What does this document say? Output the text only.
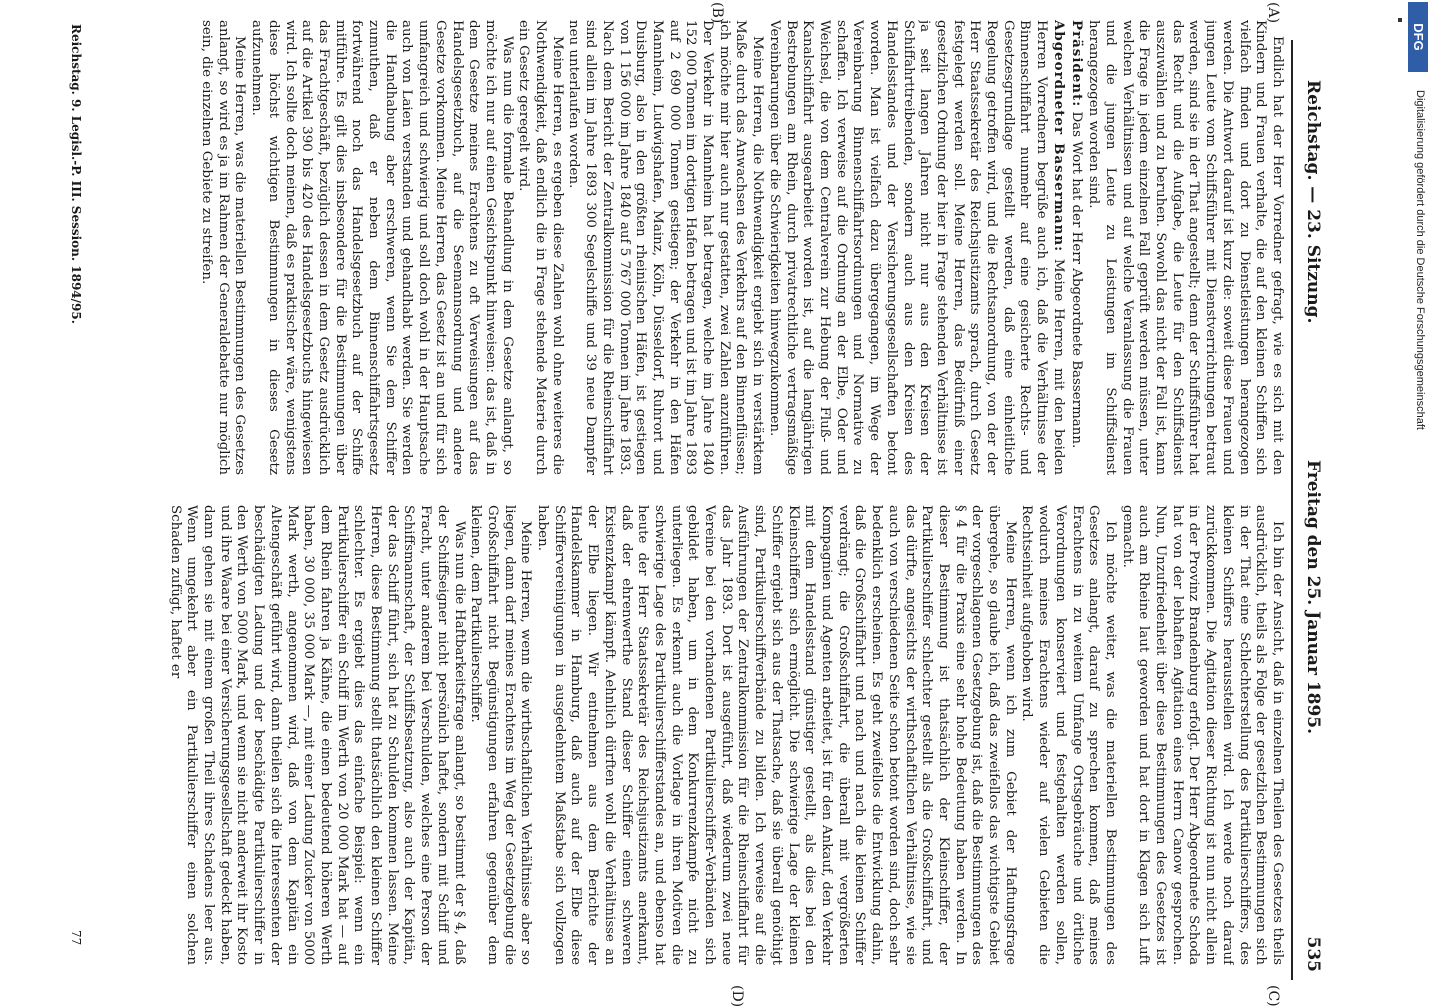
Reichstag. — 23. Sitzung.
Freitag den 25. Januar 1895.
535
(A)
(B)
(C)
(D)

Endlich hat der Herr Vorredner gefragt, wie es sich mit den Kindern und Frauen verhalte, die auf den kleinen Schiffen sich vielfach finden und dort zu Dienstleistungen herangezogen werden. Die Antwort darauf ist kurz die: soweit diese Frauen und jungen Leute vom Schiffsführer mit Dienstverrichtungen betraut werden, sind sie in der That angestellt; denn der Schiffsführer hat das Recht und die Aufgabe, die Leute für den Schiffsdienst auszuwählen und zu beruhen. Sowohl das nicht der Fall ist, kann die Frage in jedem einzelnen Fall geprüft werden müssen, unter welchen Verhältnissen und auf welche Veranlassung die Frauen und die jungen Leute zu Leistungen im Schiffsdienst herangezogen worden sind.

Präsident: Das Wort hat der Herr Abgeordnete Bassermann.

Abgeordneter Bassermann: Meine Herren, mit den beiden Herren Vorrednern begrüße auch ich, daß die Verhältnisse der Binnenschiffahrt nunmehr auf eine gesicherte Rechts- und Gesetzesgrundlage gestellt werden, daß eine einheitliche Regelung getroffen wird, und die Rechtsanordnung, von der der Herr Staatssekretär des Reichsjustizamts sprach, durch Gesetz festgelegt werden soll. Meine Herren, das Bedürfniß einer gesetzlichen Ordnung der hier in Frage stehenden Verhältnisse ist ja seit langen Jahren nicht nur aus den Kreisen der Schiffahrttreibenden, sondern auch aus den Kreisen des Handelsstandes und der Versicherungsgesellschaften betont worden. Man ist vielfach dazu übergegangen, im Wege der Vereinbarung Binnenschiffahrtsordnungen und Normative zu schaffen. Ich verweise auf die Ordnung an der Elbe, Oder und Weichsel, die von dem Centralverein zur Hebung der Fluß- und Kanalschiffahrt ausgearbeitet worden ist, auf die langjährigen Bestrebungen am Rhein, durch privatrechtliche vertragsmäßige Vereinbarungen über die Schwierigkeiten hinwegzukommen.

Meine Herren, die Nothwendigkeit ergiebt sich in verstärktem Maße durch das Anwachsen des Verkehrs auf den Binnenflüssen; ich möchte mir hier auch nur gestatten, zwei Zahlen anzuführen. Der Verkehr in Mannheim hat betragen, welche im Jahre 1840 152 000 Tonnen im dortigen Hafen betragen und ist im Jahre 1893 auf 2 690 000 Tonnen gestiegen; der Verkehr in den Häfen Mannheim, Ludwigshafen, Mainz, Köln, Düsseldorf, Ruhrort und Duisburg, also in den größten rheinischen Häfen, ist gestiegen von 1 156 000 im Jahre 1840 auf 5 767 000 Tonnen im Jahre 1893. Nach dem Bericht der Zentralkommission für die Rheinschiffahrt sind allein im Jahre 1893 300 Segelschiffe und 39 neue Dampfer neu unterlaufen worden.

Meine Herren, es ergeben diese Zahlen wohl ohne weiteres die Nothwendigkeit, daß endlich die in Frage stehende Materie durch ein Gesetz geregelt wird.

Was nun die formale Behandlung in dem Gesetze anlangt, so möchte ich nur auf einen Gesichtspunkt hinweisen: das ist, daß in dem Gesetze meines Erachtens zu oft Verweisungen auf das Handelsgesetzbuch, auf die Seemannsordnung und andere Gesetze vorkommen. Meine Herren, das Gesetz ist an und für sich umfangreich und schwierig und soll doch wohl in der Hauptsache auch von Laien verstanden und gehandhabt werden. Sie werden die Handhabung aber erschweren, wenn Sie dem Schiffer zumuthen, daß er neben dem Binnenschiffahrtsgesetz fortwährend noch das Handelsgesetzbuch auf der Schiffe mitführe. Es gilt dies insbesondere für die Bestimmungen über das Frachtgeschäft, bezüglich dessen in dem Gesetz ausdrücklich auf die Artikel 390 bis 420 des Handelsgesetzbuchs hingewiesen wird. Ich sollte doch meinen, daß es praktischer wäre, wenigstens diese höchst wichtigen Bestimmungen in dieses Gesetz aufzunehmen.

Meine Herren, was die materiellen Bestimmungen des Gesetzes anlangt, so wird es ja im Rahmen der Generaldebatte nur möglich sein, die einzelnen Gebiete zu streifen.

Ich bin der Ansicht, daß in einzelnen Theilen des Gesetzes theils ausdrücklich, theils als Folge der gesetzlichen Bestimmungen sich in der That eine Schlechterstellung des Partikulierschiffers, des kleinen Schiffers herausstellen wird. Ich werde noch darauf zurückkommen. Die Agitation dieser Richtung ist nun nicht allein in der Provinz Brandenburg erfolgt. Der Herr Abgeordnete Schoda hat von der lebhaften Agitation eines Herrn Canow gesprochen. Nun, Unzufriedenheit über diese Bestimmungen des Gesetzes ist auch am Rheine laut geworden und hat dort in Klagen sich Luft gemacht.

Ich möchte weiter, was die materiellen Bestimmungen des Gesetzes anlangt, darauf zu sprechen kommen, daß meines Erachtens in zu weitem Umfange Ortsgebräuche und örtliche Verordnungen konserviert und festgehalten werden sollen, wodurch meines Erachtens wieder auf vielen Gebieten die Rechtseinheit aufgehoben wird.

Meine Herren, wenn ich zum Gebiet der Haftungsfrage übergehe, so glaube ich, daß das zweifellos das wichtigste Gebiet der vorgeschlagenen Gesetzgebung ist, daß die Bestimmungen des § 4 für die Praxis eine sehr hohe Bedeutung haben werden. In dieser Bestimmung ist thatsächlich der Kleinschiffer, der Partikulierschiffer schlechter gestellt als die Großschiffahrt, und das dürfte, angesichts der wirthschaftlichen Verhältnisse, wie sie auch von verschiedenen Seite schon betont worden sind, doch sehr bedenklich erscheinen. Es geht zweifellos die Entwicklung dahin, daß die Großschiffahrt und nach und nach die kleinen Schiffer verdrängt; die Großschiffahrt, die überall mit vergrößerten Kompagnien und Agenten arbeitet, ist für den Ankauf, den Verkehr mit dem Handelsstand günstiger gestellt, als dies bei den Kleinschiffern sich ermöglicht. Die schwierige Lage der kleinen Schiffer ergiebt sich aus der Thatsache, daß sie überall genöthigt sind, Partikulierschiffverbände zu bilden. Ich verweise auf die Ausführungen der Zentralkommission für die Rheinschiffahrt für das Jahr 1893. Dort ist ausgeführt, daß wiederum zwei neue Vereine bei den vorhandenen Partikulierschiffer-Verbänden sich gebildet haben, um in dem Konkurrenzkampfe nicht zu unterliegen. Es erkennt auch die Vorlage in ihren Motiven die schwierige Lage des Partikulierschifferstandes an, und ebenso hat heute der Herr Staatssekretär des Reichsjustizamts anerkannt, daß der ehrenwerthe Stand dieser Schiffer einen schweren Existenzkampf kämpft. Aehnlich dürften wohl die Verhältnisse an der Elbe liegen. Wir entnehmen aus dem Berichte der Handelskammer in Hamburg, daß auch auf der Elbe diese Schiffervereinigungen in ausgedehntem Maßstabe sich vollzogen haben.

Meine Herren, wenn die wirthschaftlichen Verhältnisse aber so liegen, dann darf meines Erachtens im Weg der Gesetzgebung die Großschiffahrt nicht Begünstigungen erfahren gegenüber dem kleinen, dem Partikulierschiffer.

Was nun die Haftbarkeitsfrage anlangt, so bestimmt der § 4, daß der Schiffseigner nicht persönlich haftet, sondern mit Schiff und Fracht, unter anderem bei Verschulden, welches eine Person der Schiffsmannschaft, der Schiffsbesatzung, also auch der Kapitän, der das Schiff führt, sich hat zu Schulden kommen lassen. Meine Herren, diese Bestimmung stellt thatsächlich den kleinen Schiffer schlechter. Es ergiebt dies das einfache Beispiel: wenn ein Partikulierschiffer ein Schiff im Werth von 20 000 Mark hat — auf dem Rhein fahren ja Kähne, die einen bedeutend höheren Werth haben, 30 000, 35 000 Mark —, mit einer Ladung Zucker von 5000 Mark werth, angenommen wird, daß von dem Kapitän ein Altengeschäft geführt wird, dann theilen sich die Interessenten der beschädigten Ladung und der beschädigte Partikulierschiffer in den Werth von 5000 Mark, und wenn sie nicht anderweit ihr Kosto und ihre Waare bei einer Versicherungsgesellschaft gedeckt haben, dann gehen sie mit einem großen Theil ihres Schadens leer aus. Wenn umgekehrt aber ein Partikulierschiffer einen solchen Schaden zufügt, haftet er

Reichstag. 9. Legisl.-P. III. Session. 1894/95.
77
DFG
Digitalisierung gefördert durch die Deutsche Forschungsgemeinschaft
